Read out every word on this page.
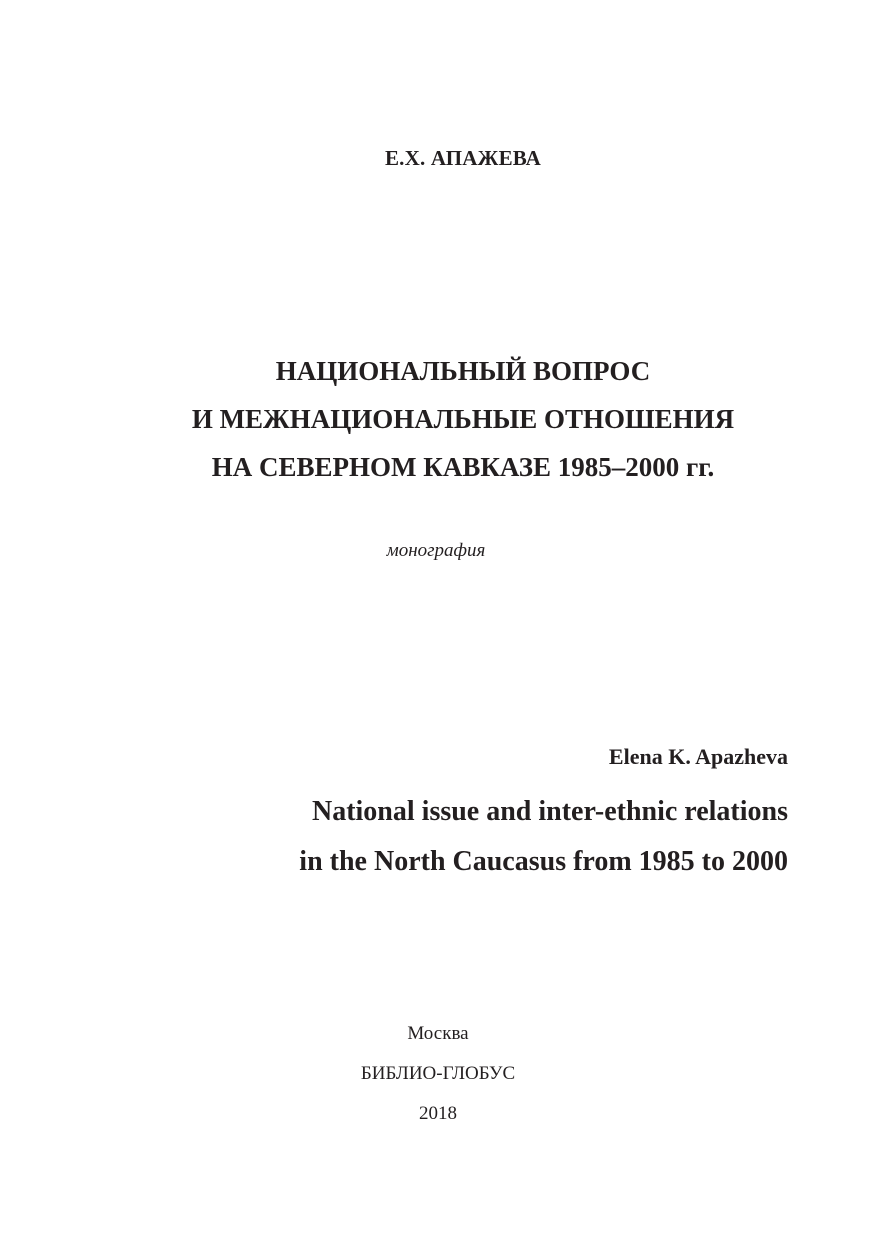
Е.Х. АПАЖЕВА
НАЦИОНАЛЬНЫЙ ВОПРОС
И МЕЖНАЦИОНАЛЬНЫЕ ОТНОШЕНИЯ
НА СЕВЕРНОМ КАВКАЗЕ 1985–2000 гг.
монография
Elena K. Apazheva
National issue and inter-ethnic relations
in the North Caucasus from 1985 to 2000
Москва
БИБЛИО-ГЛОБУС
2018
